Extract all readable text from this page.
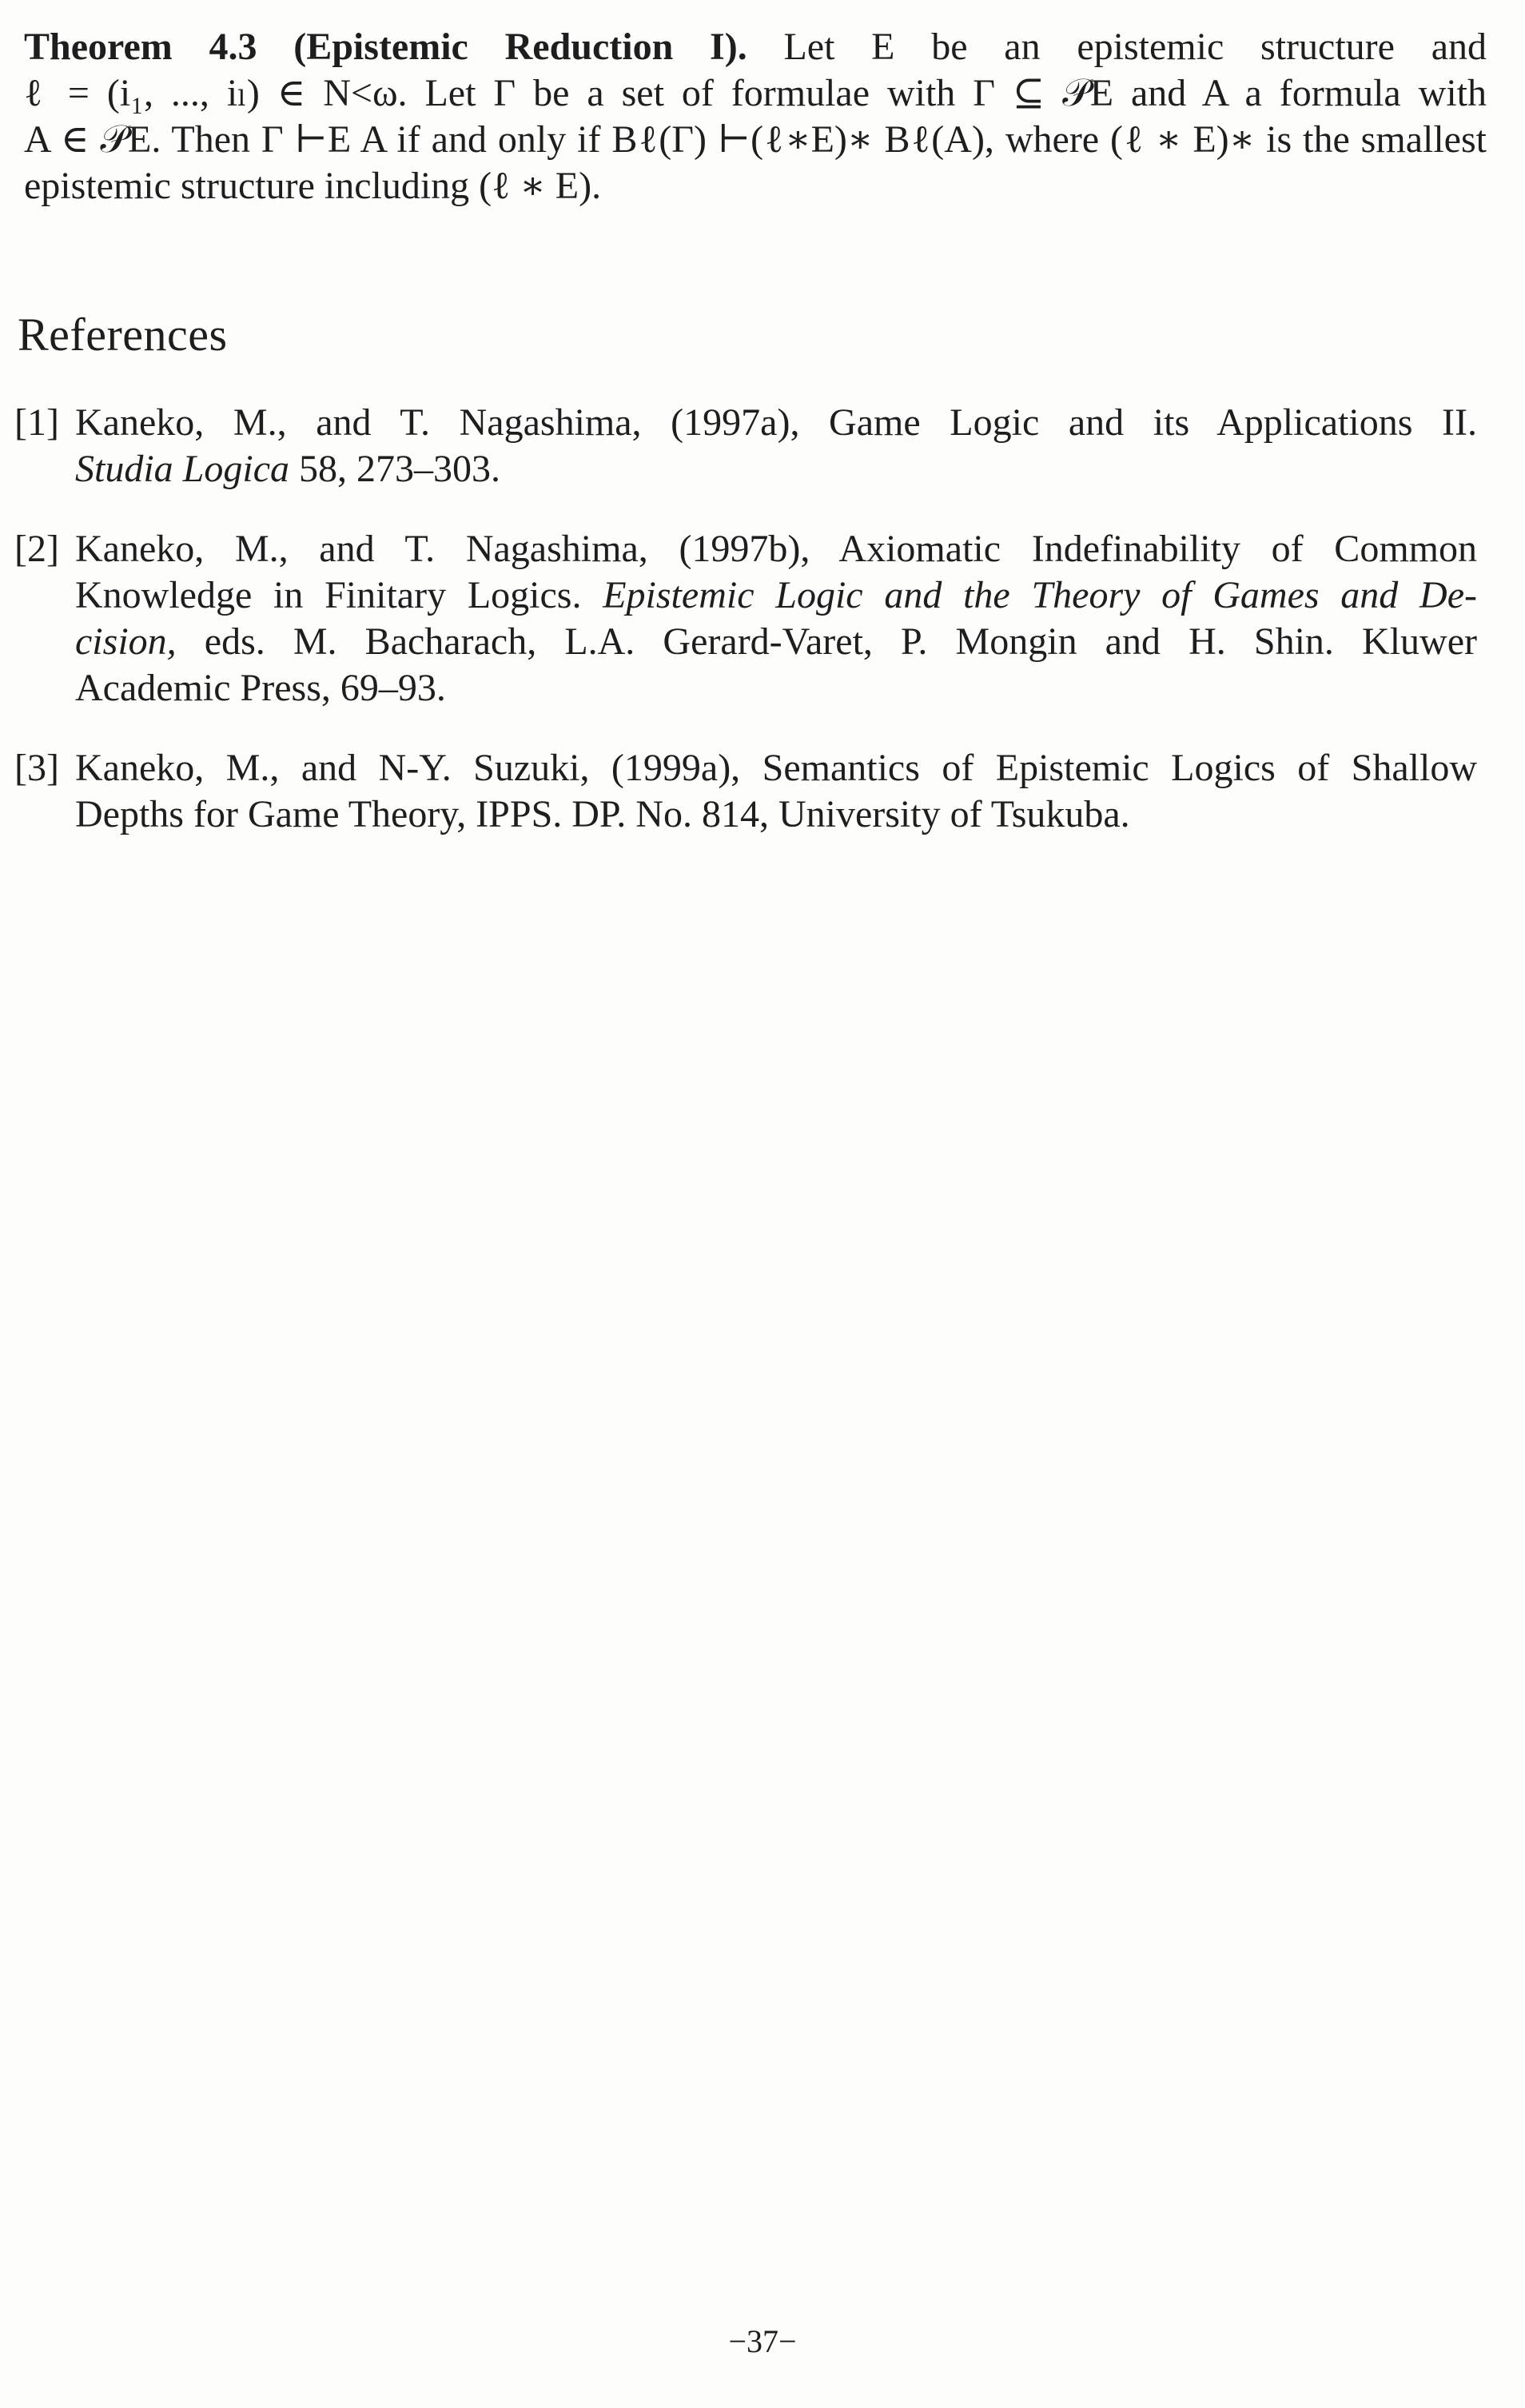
Theorem 4.3 (Epistemic Reduction I). Let E be an epistemic structure and
ℓ = (i₁, ..., iₗ) ∈ N<ω. Let Γ be a set of formulae with Γ ⊆ 𝒫E and A a formula with
A ∈ 𝒫E. Then Γ ⊢E A if and only if Bℓ(Γ) ⊢(ℓ∗E)∗ Bℓ(A), where (ℓ ∗ E)∗ is the smallest
epistemic structure including (ℓ ∗ E).
References
[1] Kaneko, M., and T. Nagashima, (1997a), Game Logic and its Applications II.
Studia Logica 58, 273–303.
[2] Kaneko, M., and T. Nagashima, (1997b), Axiomatic Indefinability of Common
Knowledge in Finitary Logics. Epistemic Logic and the Theory of Games and De-
cision, eds. M. Bacharach, L.A. Gerard-Varet, P. Mongin and H. Shin. Kluwer
Academic Press, 69–93.
[3] Kaneko, M., and N-Y. Suzuki, (1999a), Semantics of Epistemic Logics of Shallow
Depths for Game Theory, IPPS. DP. No. 814, University of Tsukuba.
−37−
